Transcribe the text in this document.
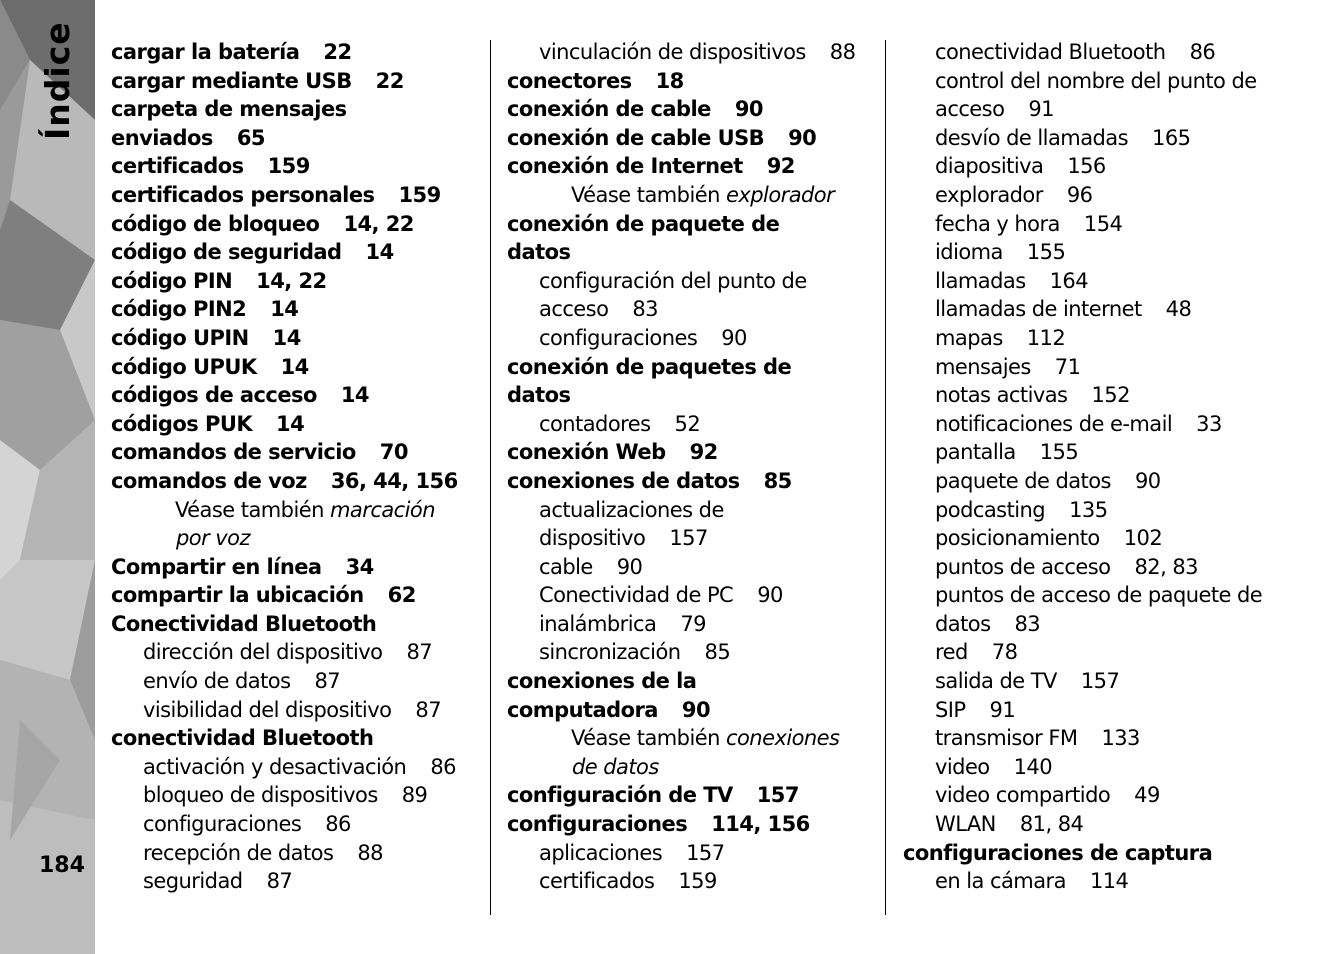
Índice
184
cargar la batería 22
cargar mediante USB 22
carpeta de mensajes
enviados 65
certificados 159
certificados personales 159
código de bloqueo 14, 22
código de seguridad 14
código PIN 14, 22
código PIN2 14
código UPIN 14
código UPUK 14
códigos de acceso 14
códigos PUK 14
comandos de servicio 70
comandos de voz 36, 44, 156
Véase también marcación
por voz
Compartir en línea 34
compartir la ubicación 62
Conectividad Bluetooth
dirección del dispositivo 87
envío de datos 87
visibilidad del dispositivo 87
conectividad Bluetooth
activación y desactivación 86
bloqueo de dispositivos 89
configuraciones 86
recepción de datos 88
seguridad 87
vinculación de dispositivos 88
conectores 18
conexión de cable 90
conexión de cable USB 90
conexión de Internet 92
Véase también explorador
conexión de paquete de
datos
configuración del punto de
acceso 83
configuraciones 90
conexión de paquetes de
datos
contadores 52
conexión Web 92
conexiones de datos 85
actualizaciones de
dispositivo 157
cable 90
Conectividad de PC 90
inalámbrica 79
sincronización 85
conexiones de la
computadora 90
Véase también conexiones
de datos
configuración de TV 157
configuraciones 114, 156
aplicaciones 157
certificados 159
conectividad Bluetooth 86
control del nombre del punto de
acceso 91
desvío de llamadas 165
diapositiva 156
explorador 96
fecha y hora 154
idioma 155
llamadas 164
llamadas de internet 48
mapas 112
mensajes 71
notas activas 152
notificaciones de e-mail 33
pantalla 155
paquete de datos 90
podcasting 135
posicionamiento 102
puntos de acceso 82, 83
puntos de acceso de paquete de
datos 83
red 78
salida de TV 157
SIP 91
transmisor FM 133
video 140
video compartido 49
WLAN 81, 84
configuraciones de captura
en la cámara 114
